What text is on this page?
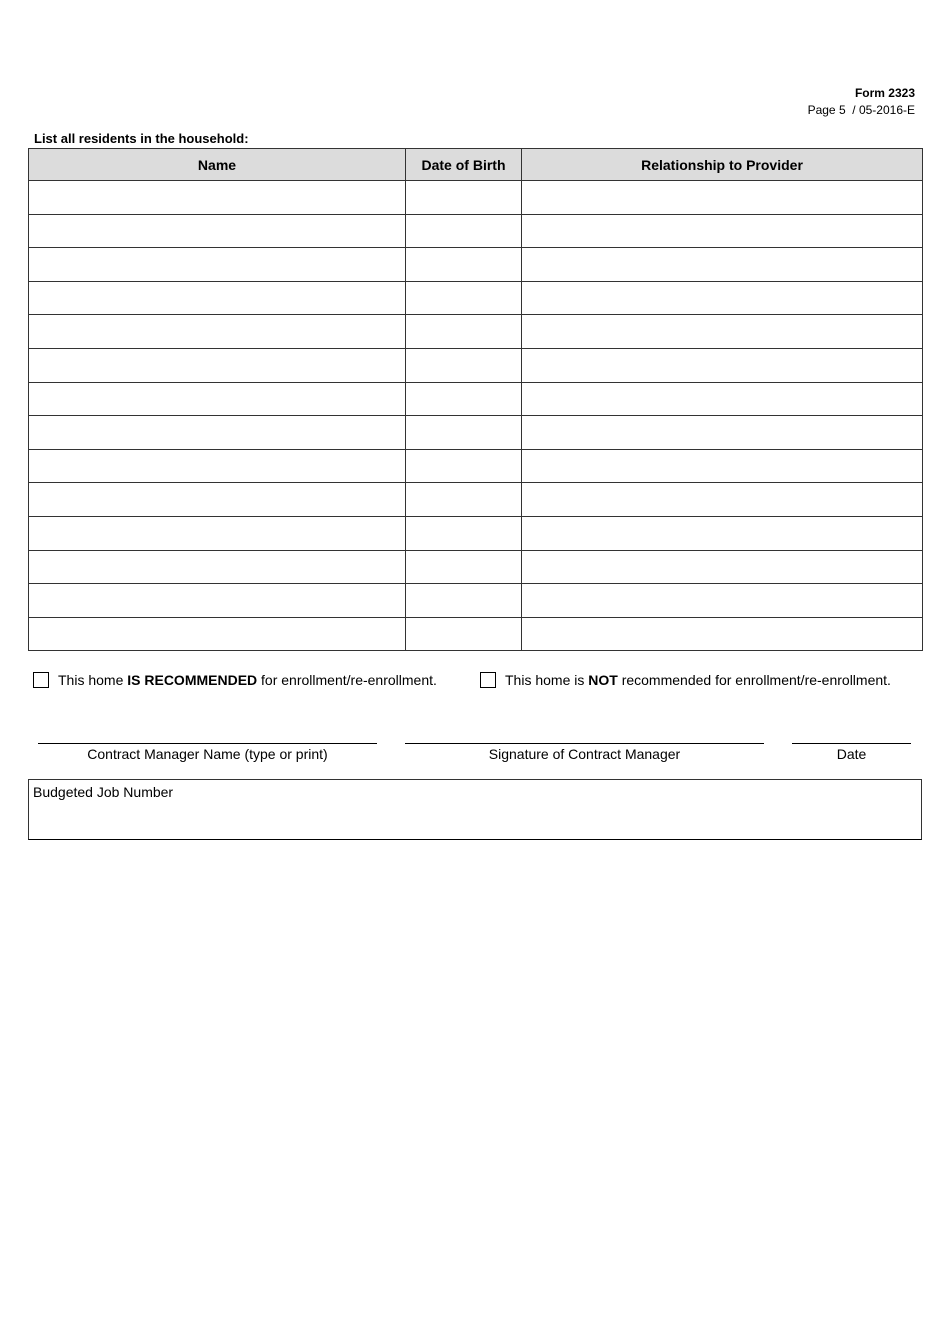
Form 2323
Page 5  / 05-2016-E
List all residents in the household:
Name	Date of Birth	Relationship to Provider

This home IS RECOMMENDED for enrollment/re-enrollment.	This home is NOT recommended for enrollment/re-enrollment.
Contract Manager Name (type or print)	Signature of Contract Manager	Date
Budgeted Job Number
